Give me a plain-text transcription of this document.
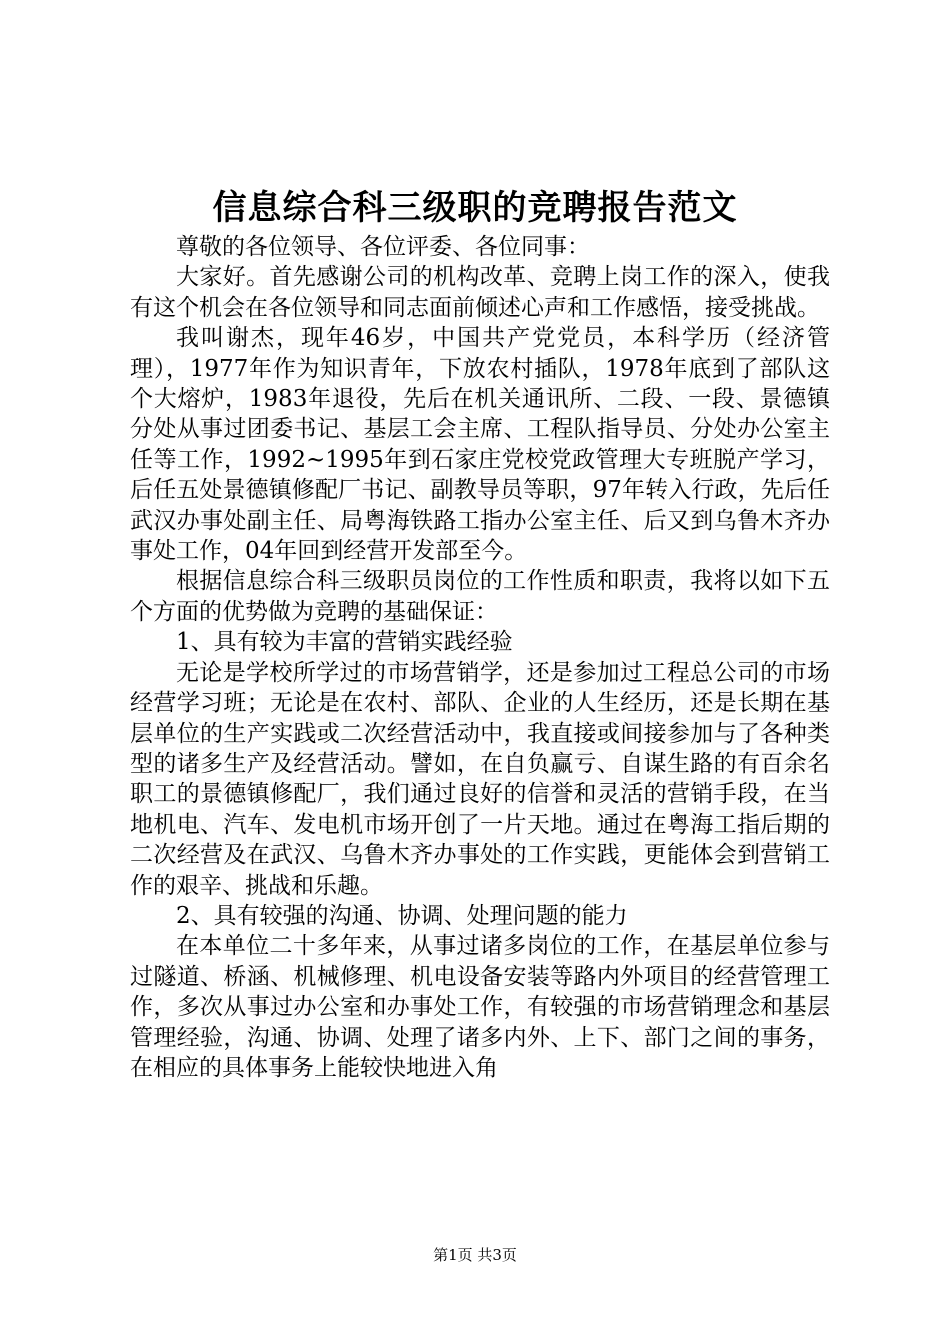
信息综合科三级职的竞聘报告范文

尊敬的各位领导、各位评委、各位同事：

大家好。首先感谢公司的机构改革、竞聘上岗工作的深入，使我有这个机会在各位领导和同志面前倾述心声和工作感悟，接受挑战。

我叫谢杰，现年46岁，中国共产党党员，本科学历（经济管理），1977年作为知识青年，下放农村插队，1978年底到了部队这个大熔炉，1983年退役，先后在机关通讯所、二段、一段、景德镇分处从事过团委书记、基层工会主席、工程队指导员、分处办公室主任等工作，1992~1995年到石家庄党校党政管理大专班脱产学习，后任五处景德镇修配厂书记、副教导员等职，97年转入行政，先后任武汉办事处副主任、局粤海铁路工指办公室主任、后又到乌鲁木齐办事处工作，04年回到经营开发部至今。

根据信息综合科三级职员岗位的工作性质和职责，我将以如下五个方面的优势做为竞聘的基础保证：

1、具有较为丰富的营销实践经验

无论是学校所学过的市场营销学，还是参加过工程总公司的市场经营学习班；无论是在农村、部队、企业的人生经历，还是长期在基层单位的生产实践或二次经营活动中，我直接或间接参加与了各种类型的诸多生产及经营活动。譬如，在自负赢亏、自谋生路的有百余名职工的景德镇修配厂，我们通过良好的信誉和灵活的营销手段，在当地机电、汽车、发电机市场开创了一片天地。通过在粤海工指后期的二次经营及在武汉、乌鲁木齐办事处的工作实践，更能体会到营销工作的艰辛、挑战和乐趣。

2、具有较强的沟通、协调、处理问题的能力

在本单位二十多年来，从事过诸多岗位的工作，在基层单位参与过隧道、桥涵、机械修理、机电设备安装等路内外项目的经营管理工作，多次从事过办公室和办事处工作，有较强的市场营销理念和基层管理经验，沟通、协调、处理了诸多内外、上下、部门之间的事务，在相应的具体事务上能较快地进入角

第1页 共3页
